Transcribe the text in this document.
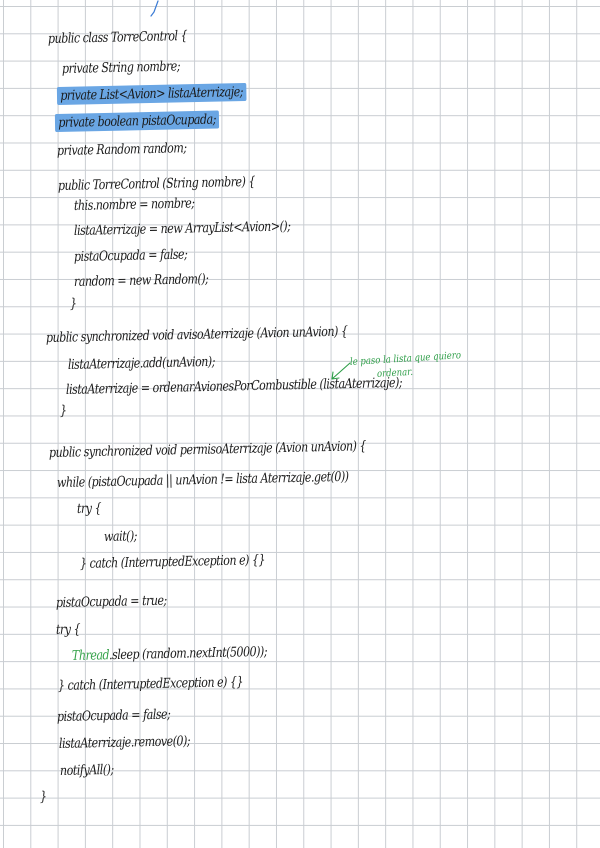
public class TorreControl {
private String nombre;
private List<Avion> listaAterrizaje;
private boolean pistaOcupada;
private Random random;
public TorreControl (String nombre) {
this.nombre = nombre;
listaAterrizaje = new ArrayList<Avion>();
pistaOcupada = false;
random = new Random();
}
public synchronized void avisoAterrizaje (Avion unAvion) {
listaAterrizaje.add(unAvion);
listaAterrizaje = ordenarAvionesPorCombustible (listaAterrizaje);
}
le paso la lista que quiero
ordenar.
public synchronized void permisoAterrizaje (Avion unAvion) {
while (pistaOcupada || unAvion != lista Aterrizaje.get(0))
try {
wait();
} catch (InterruptedException e) {}
pistaOcupada = true;
try {
Thread.sleep (random.nextInt(5000));
} catch (InterruptedException e) {}
pistaOcupada = false;
listaAterrizaje.remove(0);
notifyAll();
}
